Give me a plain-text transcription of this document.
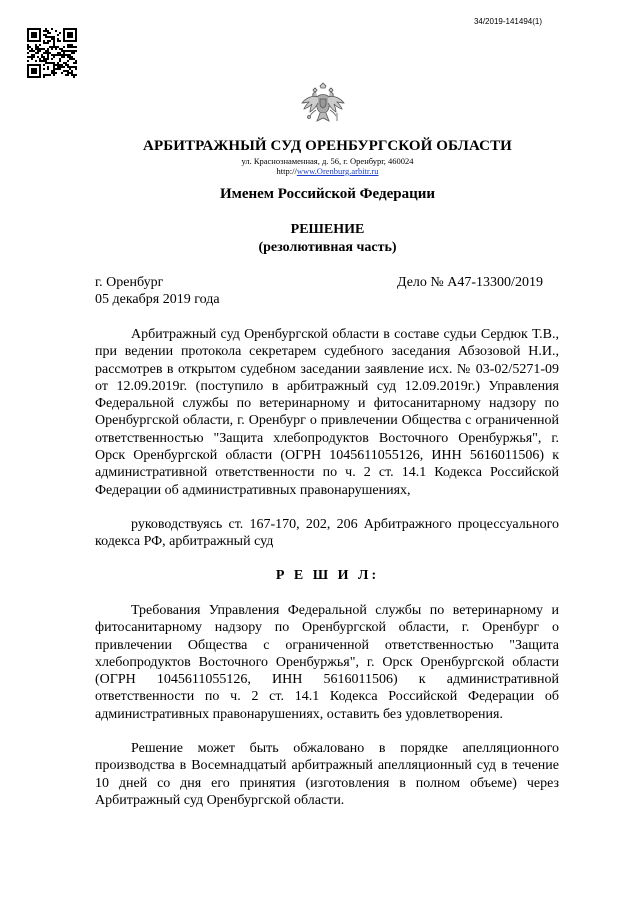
34/2019-141494(1)
АРБИТРАЖНЫЙ СУД ОРЕНБУРГСКОЙ ОБЛАСТИ
ул. Краснознаменная, д. 56, г. Оренбург, 460024
http://www.Orenburg.arbitr.ru
Именем Российской Федерации
РЕШЕНИЕ
(резолютивная часть)
г. Оренбург
05 декабря 2019 года
Дело № А47-13300/2019
Арбитражный суд Оренбургской области в составе судьи Сердюк Т.В., при ведении протокола секретарем судебного заседания Абзозовой Н.И., рассмотрев в открытом судебном заседании заявление исх. № 03-02/5271-09 от 12.09.2019г. (поступило в арбитражный суд 12.09.2019г.) Управления Федеральной службы по ветеринарному и фитосанитарному надзору по Оренбургской области, г. Оренбург о привлечении Общества с ограниченной ответственностью "Защита хлебопродуктов Восточного Оренбуржья", г. Орск Оренбургской области (ОГРН 1045611055126, ИНН 5616011506) к административной ответственности по ч. 2 ст. 14.1 Кодекса Российской Федерации об административных правонарушениях,
руководствуясь ст. 167-170, 202, 206 Арбитражного процессуального кодекса РФ, арбитражный суд
Р Е Ш И Л:
Требования Управления Федеральной службы по ветеринарному и фитосанитарному надзору по Оренбургской области, г. Оренбург о привлечении Общества с ограниченной ответственностью "Защита хлебопродуктов Восточного Оренбуржья", г. Орск Оренбургской области (ОГРН 1045611055126, ИНН 5616011506) к административной ответственности по ч. 2 ст. 14.1 Кодекса Российской Федерации об административных правонарушениях, оставить без удовлетворения.
Решение может быть обжаловано в порядке апелляционного производства в Восемнадцатый арбитражный апелляционный суд в течение 10 дней со дня его принятия (изготовления в полном объеме) через Арбитражный суд Оренбургской области.
